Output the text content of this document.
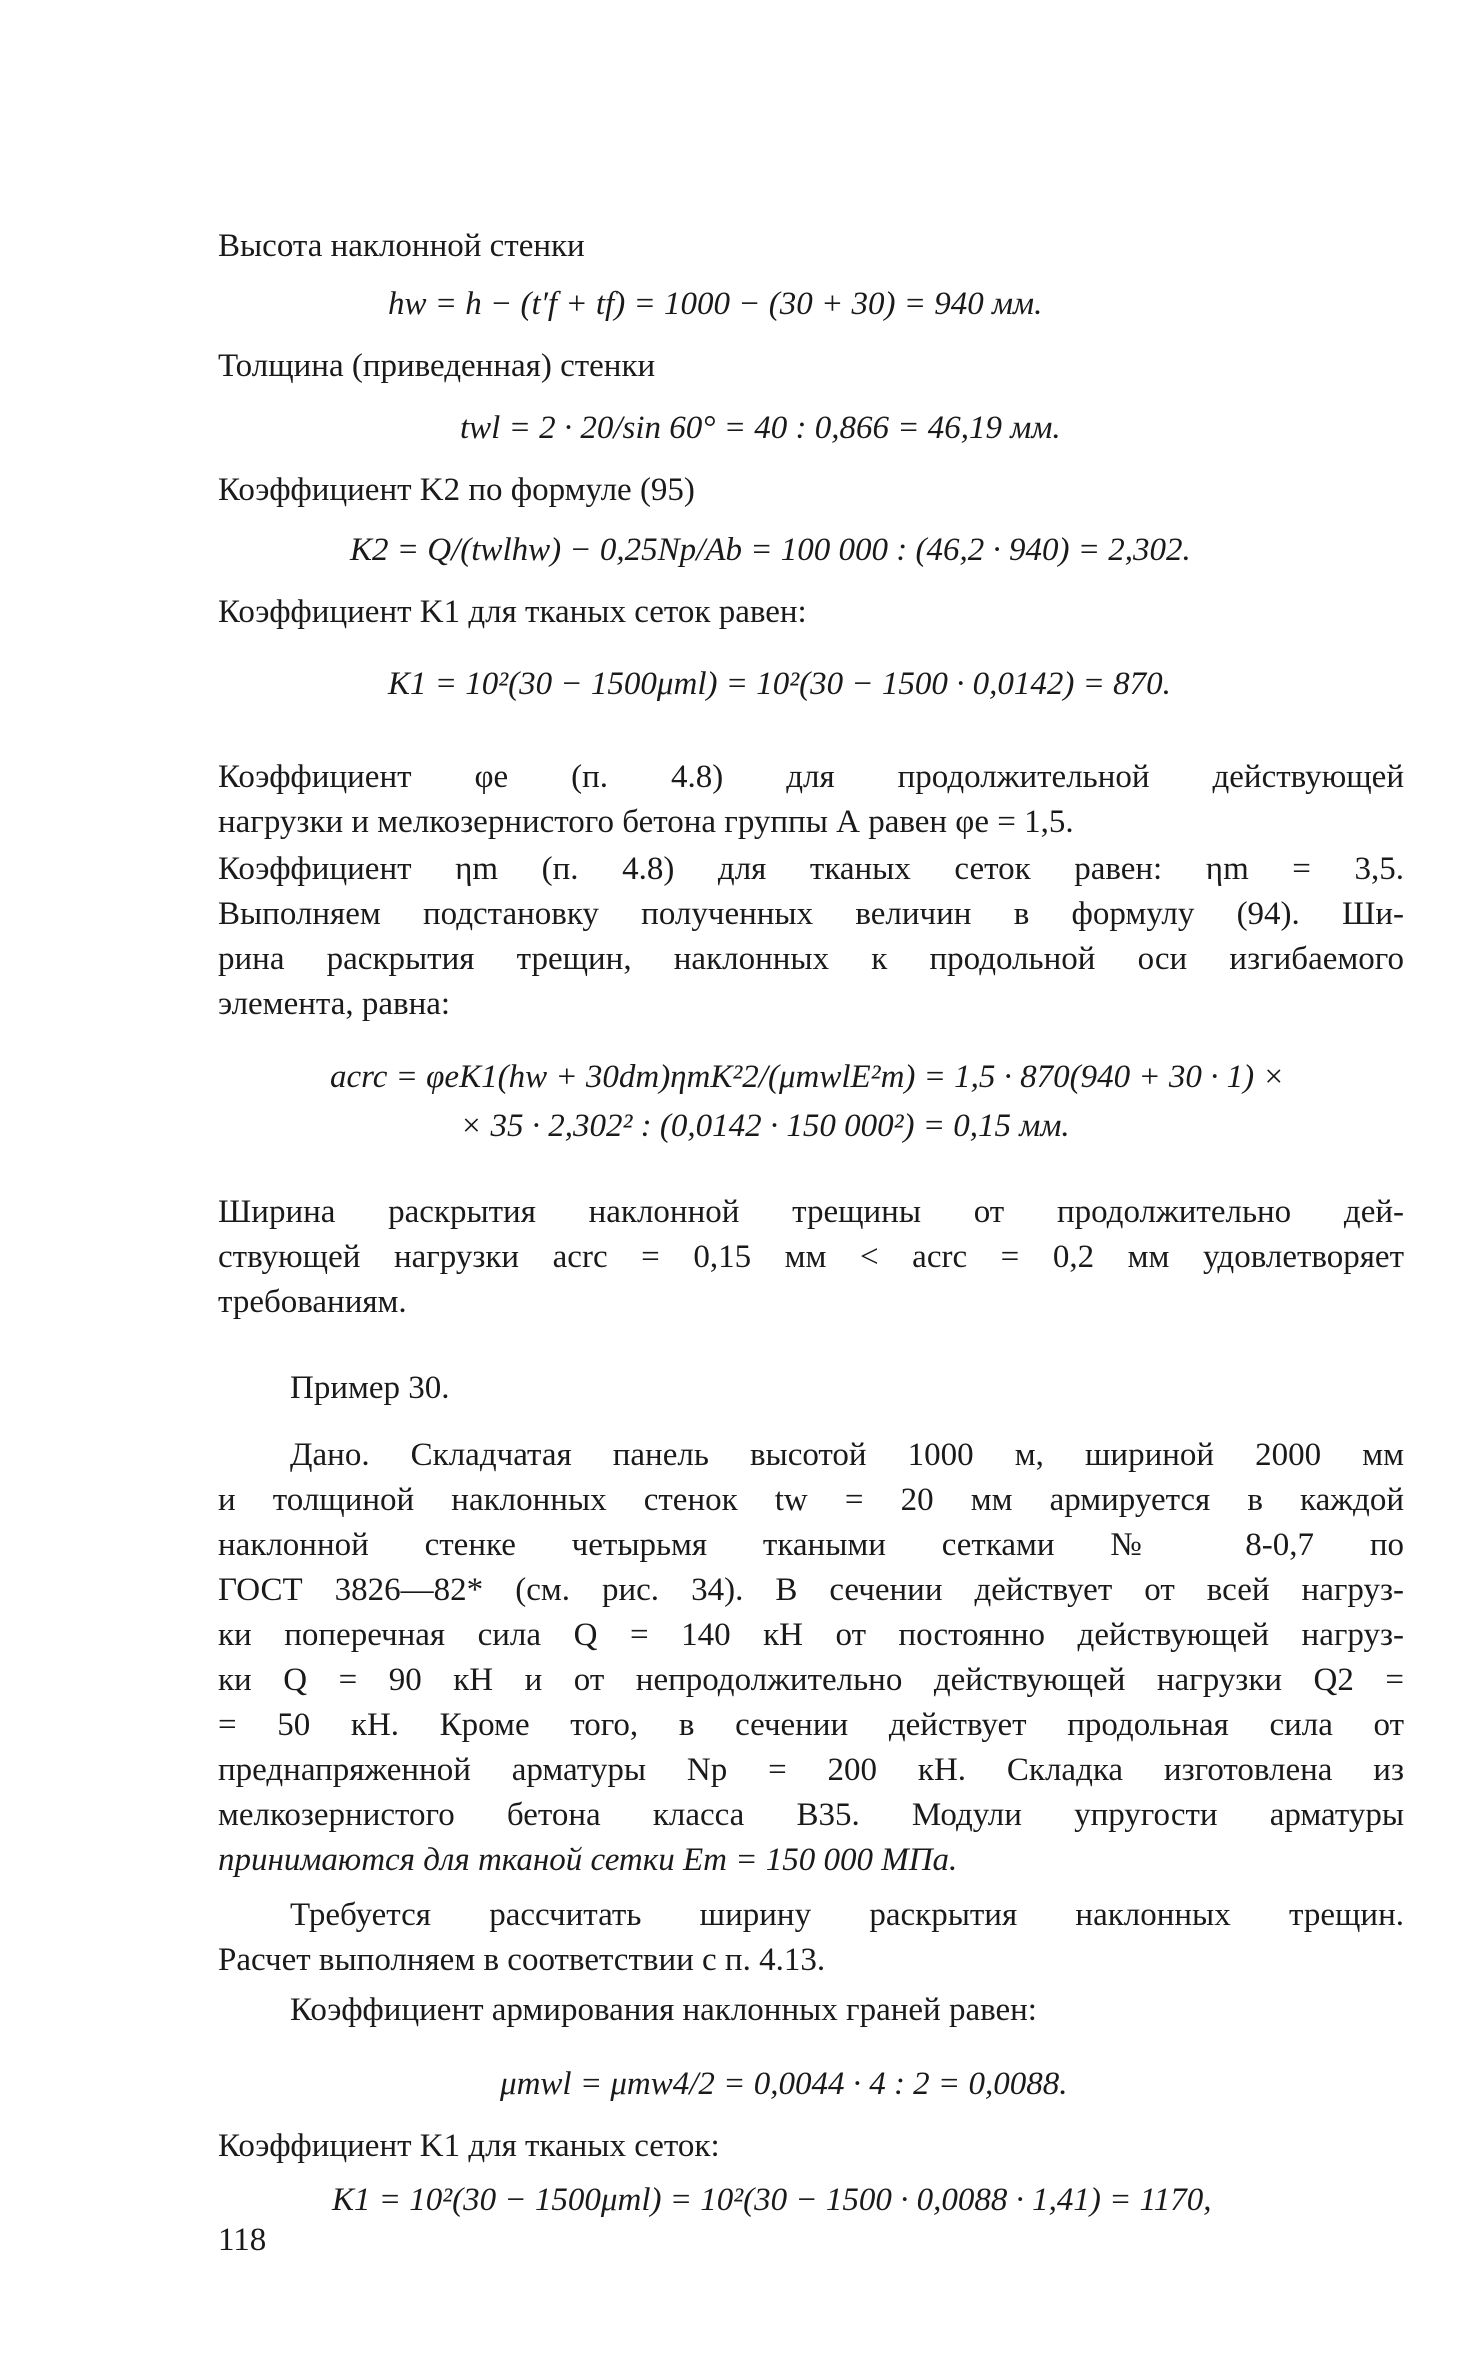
Высота наклонной стенки
hw = h − (t′f + tf) = 1000 − (30 + 30) = 940 мм.
Толщина (приведенная) стенки
twl = 2 · 20/sin 60° = 40 : 0,866 = 46,19 мм.
Коэффициент K2 по формуле (95)
K2 = Q/(twlhw) − 0,25Np/Ab = 100 000 : (46,2 · 940) = 2,302.
Коэффициент K1 для тканых сеток равен:
K1 = 10²(30 − 1500μml) = 10²(30 − 1500 · 0,0142) = 870.
Коэффициент φe (п. 4.8) для продолжительной действующей
нагрузки и мелкозернистого бетона группы А равен φe = 1,5.
Коэффициент ηm (п. 4.8) для тканых сеток равен: ηm = 3,5.
Выполняем подстановку полученных величин в формулу (94). Ши-
рина раскрытия трещин, наклонных к продольной оси изгибаемого
элемента, равна:
acrc = φeK1(hw + 30dm)ηmK²2/(μmwlE²m) = 1,5 · 870(940 + 30 · 1) ×
× 35 · 2,302² : (0,0142 · 150 000²) = 0,15 мм.
Ширина раскрытия наклонной трещины от продолжительно дей-
ствующей нагрузки acrc = 0,15 мм < acrc = 0,2 мм удовлетворяет
требованиям.
Пример 30.
Дано. Складчатая панель высотой 1000 м, шириной 2000 мм
и толщиной наклонных стенок tw = 20 мм армируется в каждой
наклонной стенке четырьмя ткаными сетками № 8-0,7 по
ГОСТ 3826—82* (см. рис. 34). В сечении действует от всей нагруз-
ки поперечная сила Q = 140 кН от постоянно действующей нагруз-
ки Q = 90 кН и от непродолжительно действующей нагрузки Q2 =
= 50 кН. Кроме того, в сечении действует продольная сила от
преднапряженной арматуры Np = 200 кН. Складка изготовлена из
мелкозернистого бетона класса В35. Модули упругости арматуры
принимаются для тканой сетки Em = 150 000 МПа.
Требуется рассчитать ширину раскрытия наклонных трещин.
Расчет выполняем в соответствии с п. 4.13.
Коэффициент армирования наклонных граней равен:
μmwl = μmw4/2 = 0,0044 · 4 : 2 = 0,0088.
Коэффициент K1 для тканых сеток:
K1 = 10²(30 − 1500μml) = 10²(30 − 1500 · 0,0088 · 1,41) = 1170,
118
